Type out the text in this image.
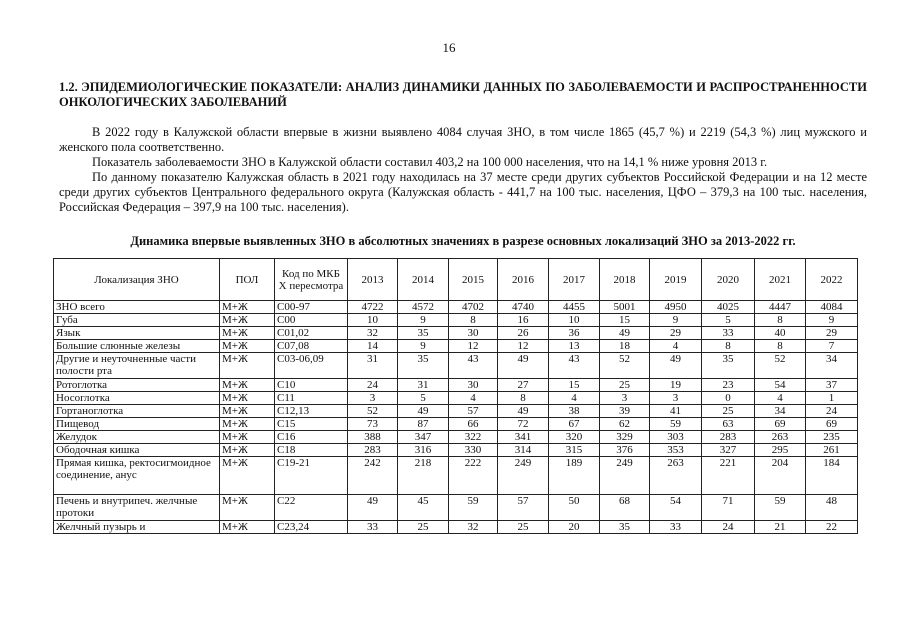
16
1.2. ЭПИДЕМИОЛОГИЧЕСКИЕ ПОКАЗАТЕЛИ: АНАЛИЗ ДИНАМИКИ ДАННЫХ ПО ЗАБОЛЕВАЕМОСТИ И РАСПРОСТРАНЕННОСТИ ОНКОЛОГИЧЕСКИХ ЗАБОЛЕВАНИЙ

В 2022 году в Калужской области впервые в жизни выявлено 4084 случая ЗНО, в том числе 1865 (45,7 %) и 2219 (54,3 %) лиц мужского и женского пола соответственно.

Показатель заболеваемости ЗНО в Калужской области составил 403,2 на 100 000 населения, что на 14,1 % ниже уровня 2013 г.

По данному показателю Калужская область в 2021 году находилась на 37 месте среди других субъектов Российской Федерации и на 12 месте среди других субъектов Центрального федерального округа (Калужская область - 441,7 на 100 тыс. населения, ЦФО – 379,3 на 100 тыс. населения, Российская Федерация – 397,9 на 100 тыс. населения).

Динамика впервые выявленных ЗНО в абсолютных значениях в разрезе основных локализаций ЗНО за 2013-2022 гг.
Локализация ЗНО	ПОЛ	Код по МКБ X пересмотра	2013	2014	2015	2016	2017	2018	2019	2020	2021	2022
ЗНО всего	М+Ж	С00-97	4722	4572	4702	4740	4455	5001	4950	4025	4447	4084
Губа	М+Ж	С00	10	9	8	16	10	15	9	5	8	9
Язык	М+Ж	С01,02	32	35	30	26	36	49	29	33	40	29
Большие слюнные железы	М+Ж	С07,08	14	9	12	12	13	18	4	8	8	7
Другие и неуточненные части полости рта	М+Ж	С03-06,09	31	35	43	49	43	52	49	35	52	34
Ротоглотка	М+Ж	С10	24	31	30	27	15	25	19	23	54	37
Носоглотка	М+Ж	С11	3	5	4	8	4	3	3	0	4	1
Гортаноглотка	М+Ж	С12,13	52	49	57	49	38	39	41	25	34	24
Пищевод	М+Ж	С15	73	87	66	72	67	62	59	63	69	69
Желудок	М+Ж	С16	388	347	322	341	320	329	303	283	263	235
Ободочная кишка	М+Ж	С18	283	316	330	314	315	376	353	327	295	261
Прямая кишка, ректосигмоидное соединение, анус	М+Ж	С19-21	242	218	222	249	189	249	263	221	204	184
Печень и внутрипеч. желчные протоки	М+Ж	С22	49	45	59	57	50	68	54	71	59	48
Желчный пузырь и	М+Ж	С23,24	33	25	32	25	20	35	33	24	21	22
